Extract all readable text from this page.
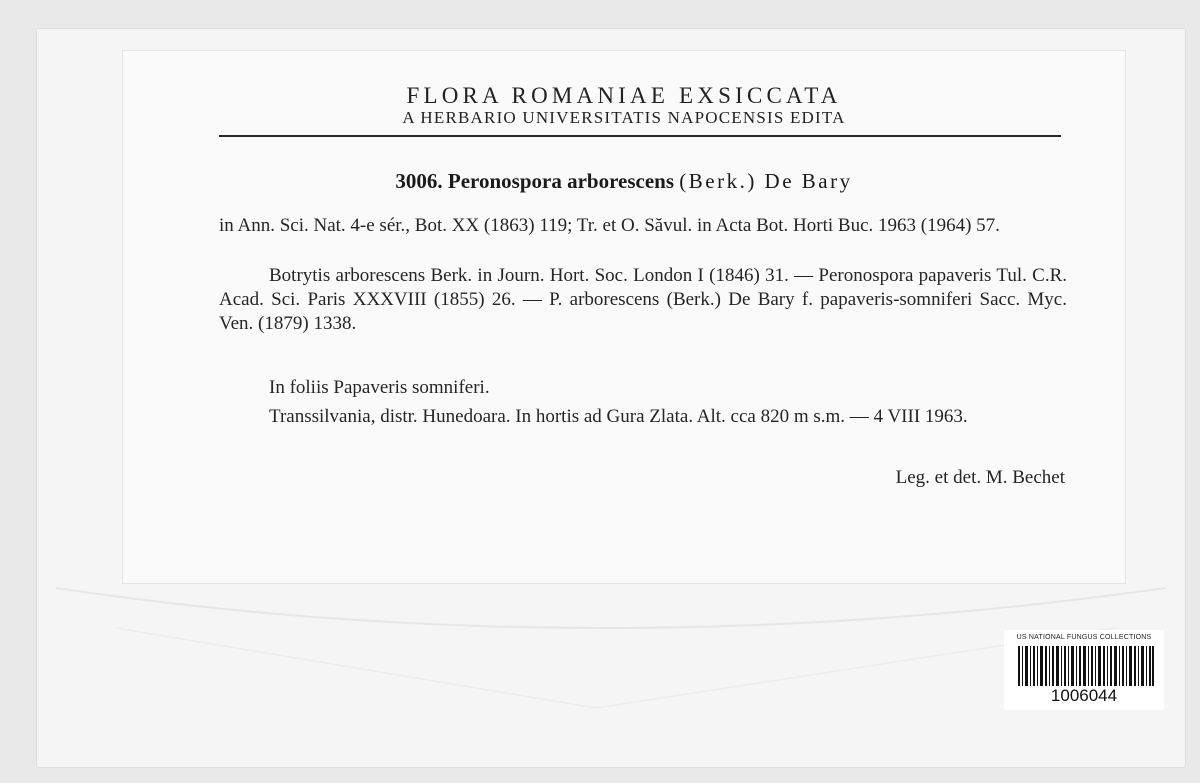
FLORA ROMANIAE EXSICCATA
A HERBARIO UNIVERSITATIS NAPOCENSIS EDITA
3006. Peronospora arborescens (Berk.) De Bary

in Ann. Sci. Nat. 4-e sér., Bot. XX (1863) 119; Tr. et O. Săvul. in Acta Bot. Horti Buc. 1963 (1964) 57.

Botrytis arborescens Berk. in Journ. Hort. Soc. London I (1846) 31. — Peronospora papaveris Tul. C.R. Acad. Sci. Paris XXXVIII (1855) 26. — P. arborescens (Berk.) De Bary f. papaveris-somniferi Sacc. Myc. Ven. (1879) 1338.

In foliis Papaveris somniferi.

Transsilvania, distr. Hunedoara. In hortis ad Gura Zlata. Alt. cca 820 m s.m. — 4 VIII 1963.

Leg. et det. M. Bechet
US NATIONAL FUNGUS COLLECTIONS
1006044
